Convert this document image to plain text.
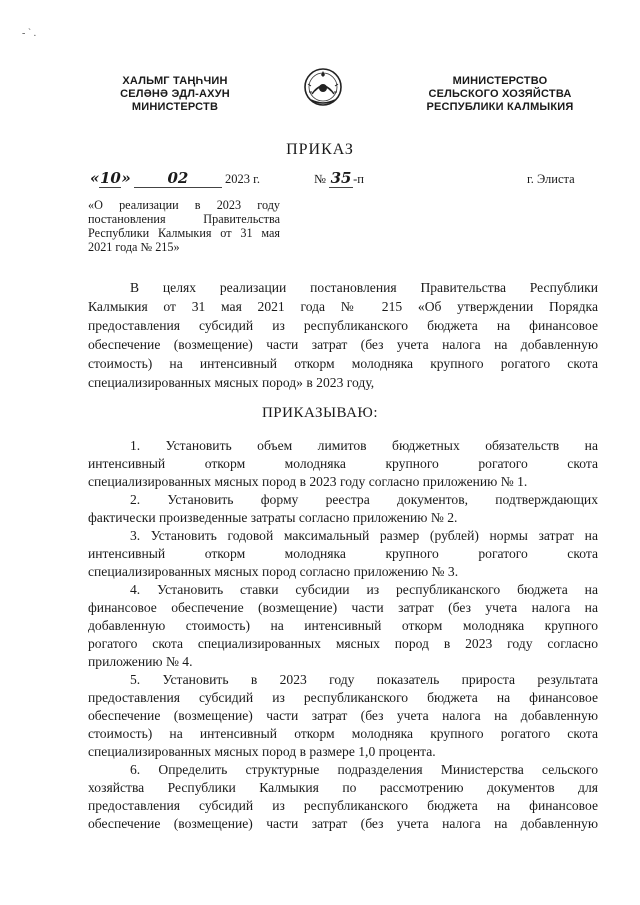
- ` .
ХАЛЬМГ ТАҢҺЧИН
СЕЛӘНӘ ЭДЛ-АХУН
МИНИСТЕРСТВ
МИНИСТЕРСТВО
СЕЛЬСКОГО ХОЗЯЙСТВА
РЕСПУБЛИКИ КАЛМЫКИЯ
ПРИКАЗ
«10» 02	2023 г.	№ 35 -п	г. Элиста
«О реализации в 2023 году
постановления Правительства
Республики Калмыкия от 31 мая
2021 года № 215»
В целях реализации постановления Правительства Республики
Калмыкия от 31 мая 2021 года № 215 «Об утверждении Порядка
предоставления субсидий из республиканского бюджета на финансовое
обеспечение (возмещение) части затрат (без учета налога на добавленную
стоимость) на интенсивный откорм молодняка крупного рогатого скота
специализированных мясных пород» в 2023 году,
ПРИКАЗЫВАЮ:
1. Установить объем лимитов бюджетных обязательств на
интенсивный откорм молодняка крупного рогатого скота
специализированных мясных пород в 2023 году согласно приложению № 1.
2. Установить форму реестра документов, подтверждающих
фактически произведенные затраты согласно приложению № 2.
3. Установить годовой максимальный размер (рублей) нормы затрат на
интенсивный откорм молодняка крупного рогатого скота
специализированных мясных пород согласно приложению № 3.
4. Установить ставки субсидии из республиканского бюджета на
финансовое обеспечение (возмещение) части затрат (без учета налога на
добавленную стоимость) на интенсивный откорм молодняка крупного
рогатого скота специализированных мясных пород в 2023 году согласно
приложению № 4.
5. Установить в 2023 году показатель прироста результата
предоставления субсидий из республиканского бюджета на финансовое
обеспечение (возмещение) части затрат (без учета налога на добавленную
стоимость) на интенсивный откорм молодняка крупного рогатого скота
специализированных мясных пород в размере 1,0 процента.
6. Определить структурные подразделения Министерства сельского
хозяйства Республики Калмыкия по рассмотрению документов для
предоставления субсидий из республиканского бюджета на финансовое
обеспечение (возмещение) части затрат (без учета налога на добавленную
